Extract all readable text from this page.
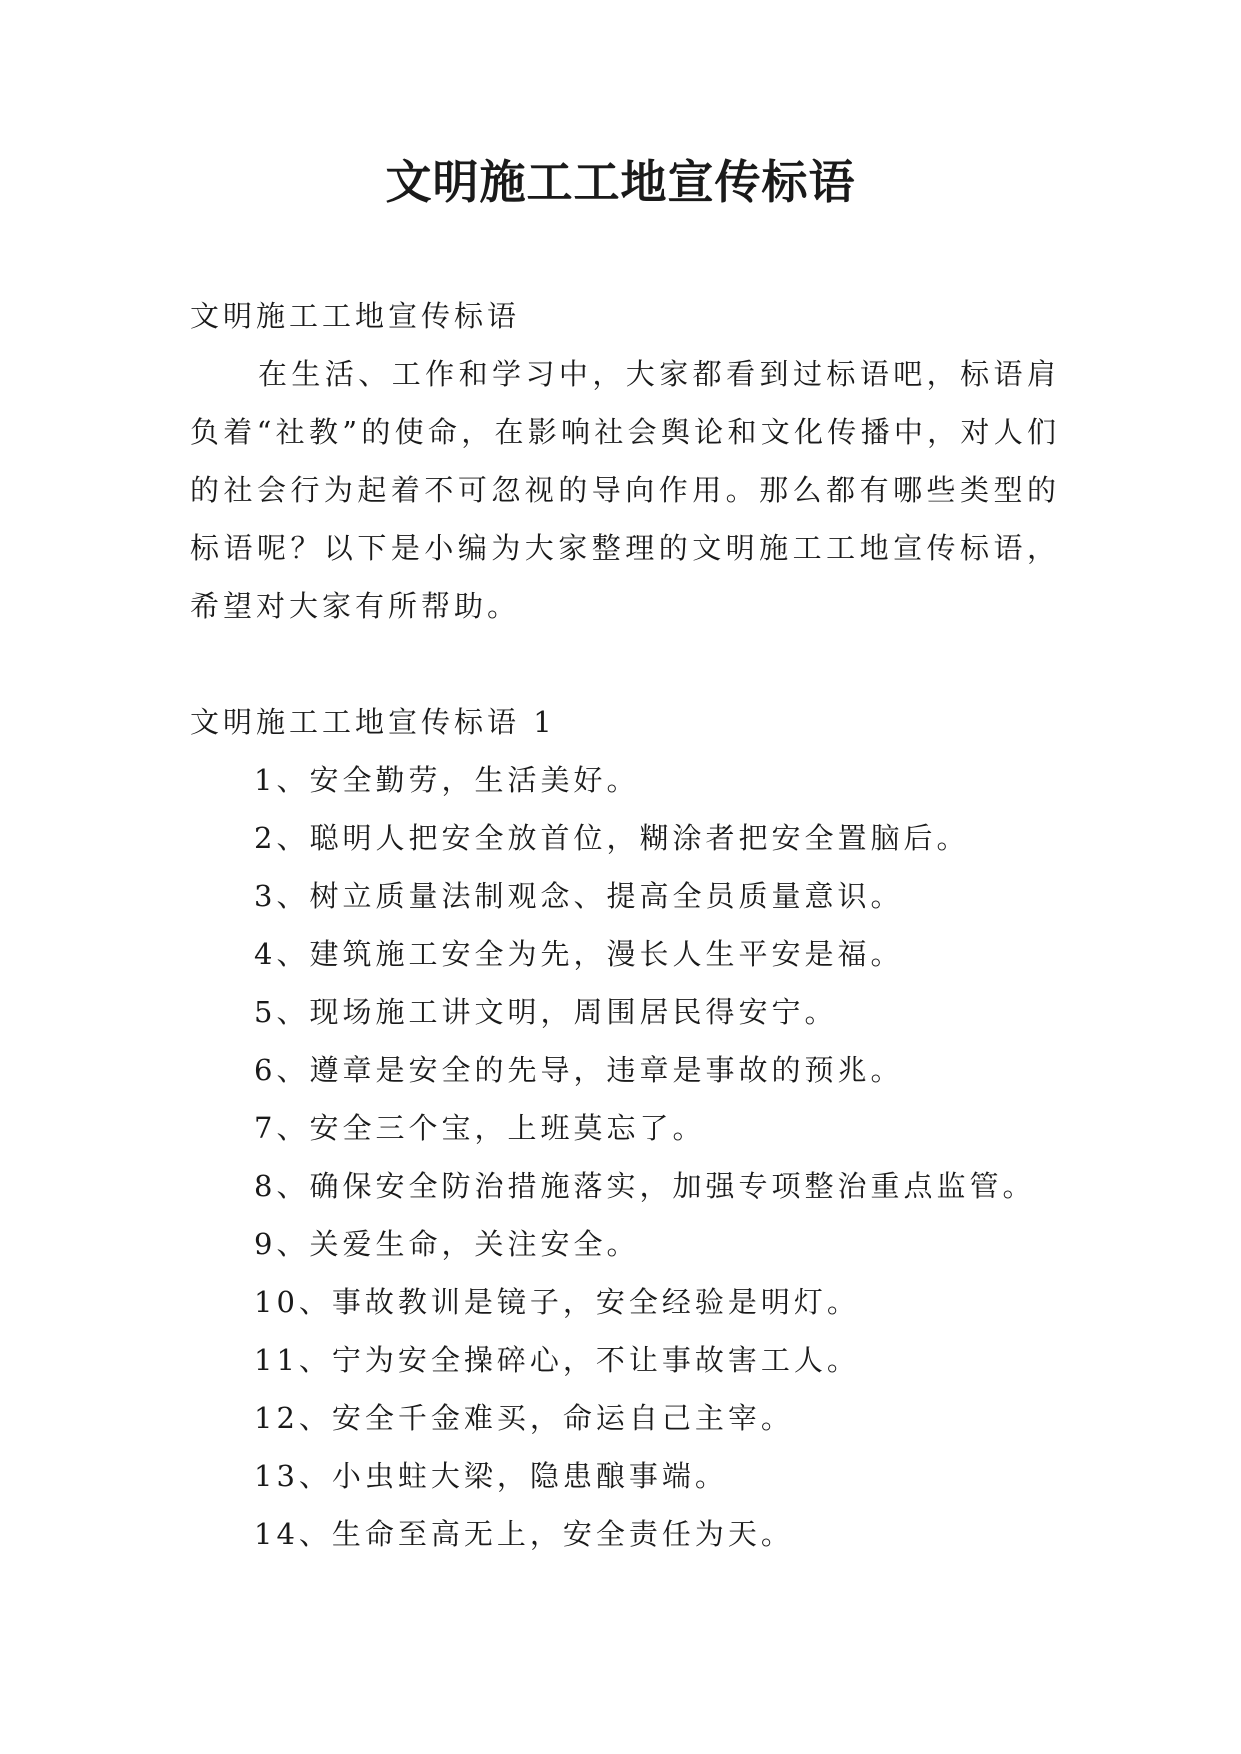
文明施工工地宣传标语

文明施工工地宣传标语

在生活、工作和学习中，大家都看到过标语吧，标语肩负着“社教”的使命，在影响社会舆论和文化传播中，对人们的社会行为起着不可忽视的导向作用。那么都有哪些类型的标语呢？以下是小编为大家整理的文明施工工地宣传标语，希望对大家有所帮助。

文明施工工地宣传标语 1

1、安全勤劳，生活美好。
2、聪明人把安全放首位，糊涂者把安全置脑后。
3、树立质量法制观念、提高全员质量意识。
4、建筑施工安全为先，漫长人生平安是福。
5、现场施工讲文明，周围居民得安宁。
6、遵章是安全的先导，违章是事故的预兆。
7、安全三个宝，上班莫忘了。
8、确保安全防治措施落实，加强专项整治重点监管。
9、关爱生命，关注安全。
10、事故教训是镜子，安全经验是明灯。
11、宁为安全操碎心，不让事故害工人。
12、安全千金难买，命运自己主宰。
13、小虫蛀大梁，隐患酿事端。
14、生命至高无上，安全责任为天。
